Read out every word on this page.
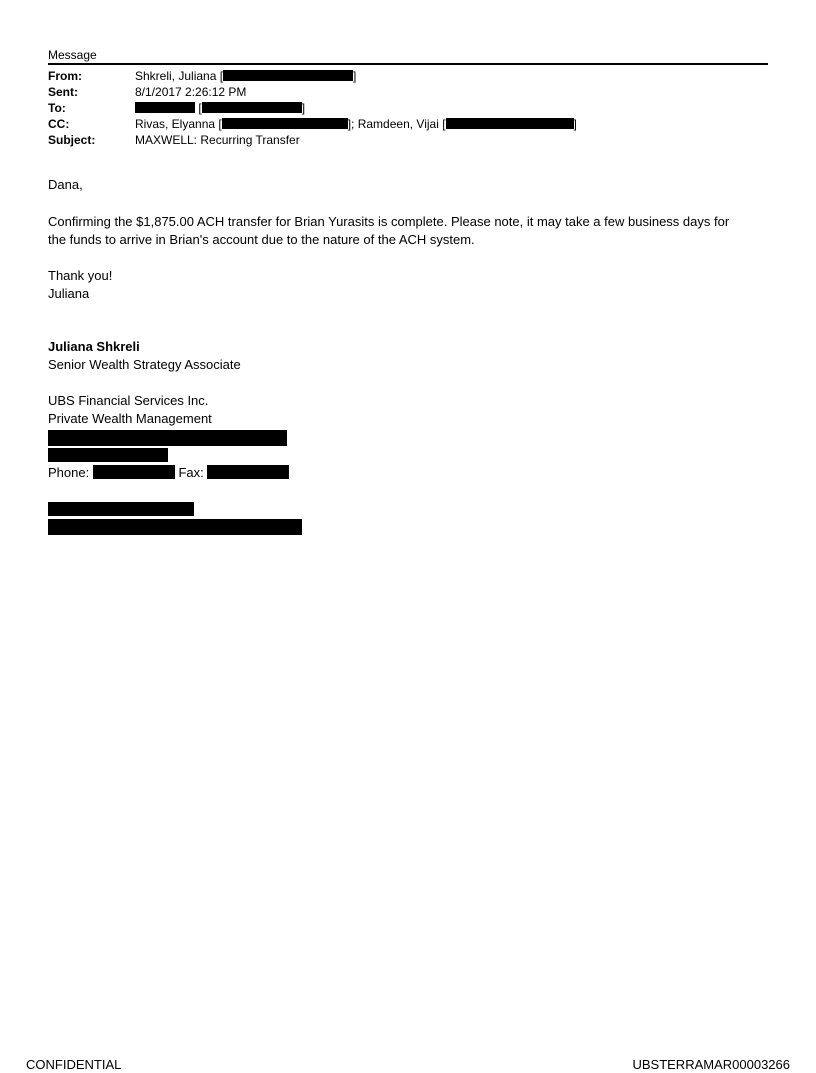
Message
From:	Shkreli, Juliana [	]
Sent:	8/1/2017 2:26:12 PM
To:	[	]
CC:	Rivas, Elyanna [	]; Ramdeen, Vijai [	]
Subject:	MAXWELL: Recurring Transfer
Dana,
Confirming the $1,875.00 ACH transfer for Brian Yurasits is complete. Please note, it may take a few business days for
the funds to arrive in Brian's account due to the nature of the ACH system.
Thank you!
Juliana
Juliana Shkreli
Senior Wealth Strategy Associate
UBS Financial Services Inc.
Private Wealth Management
Phone:	Fax:
CONFIDENTIAL	UBSTERRAMAR00003266
